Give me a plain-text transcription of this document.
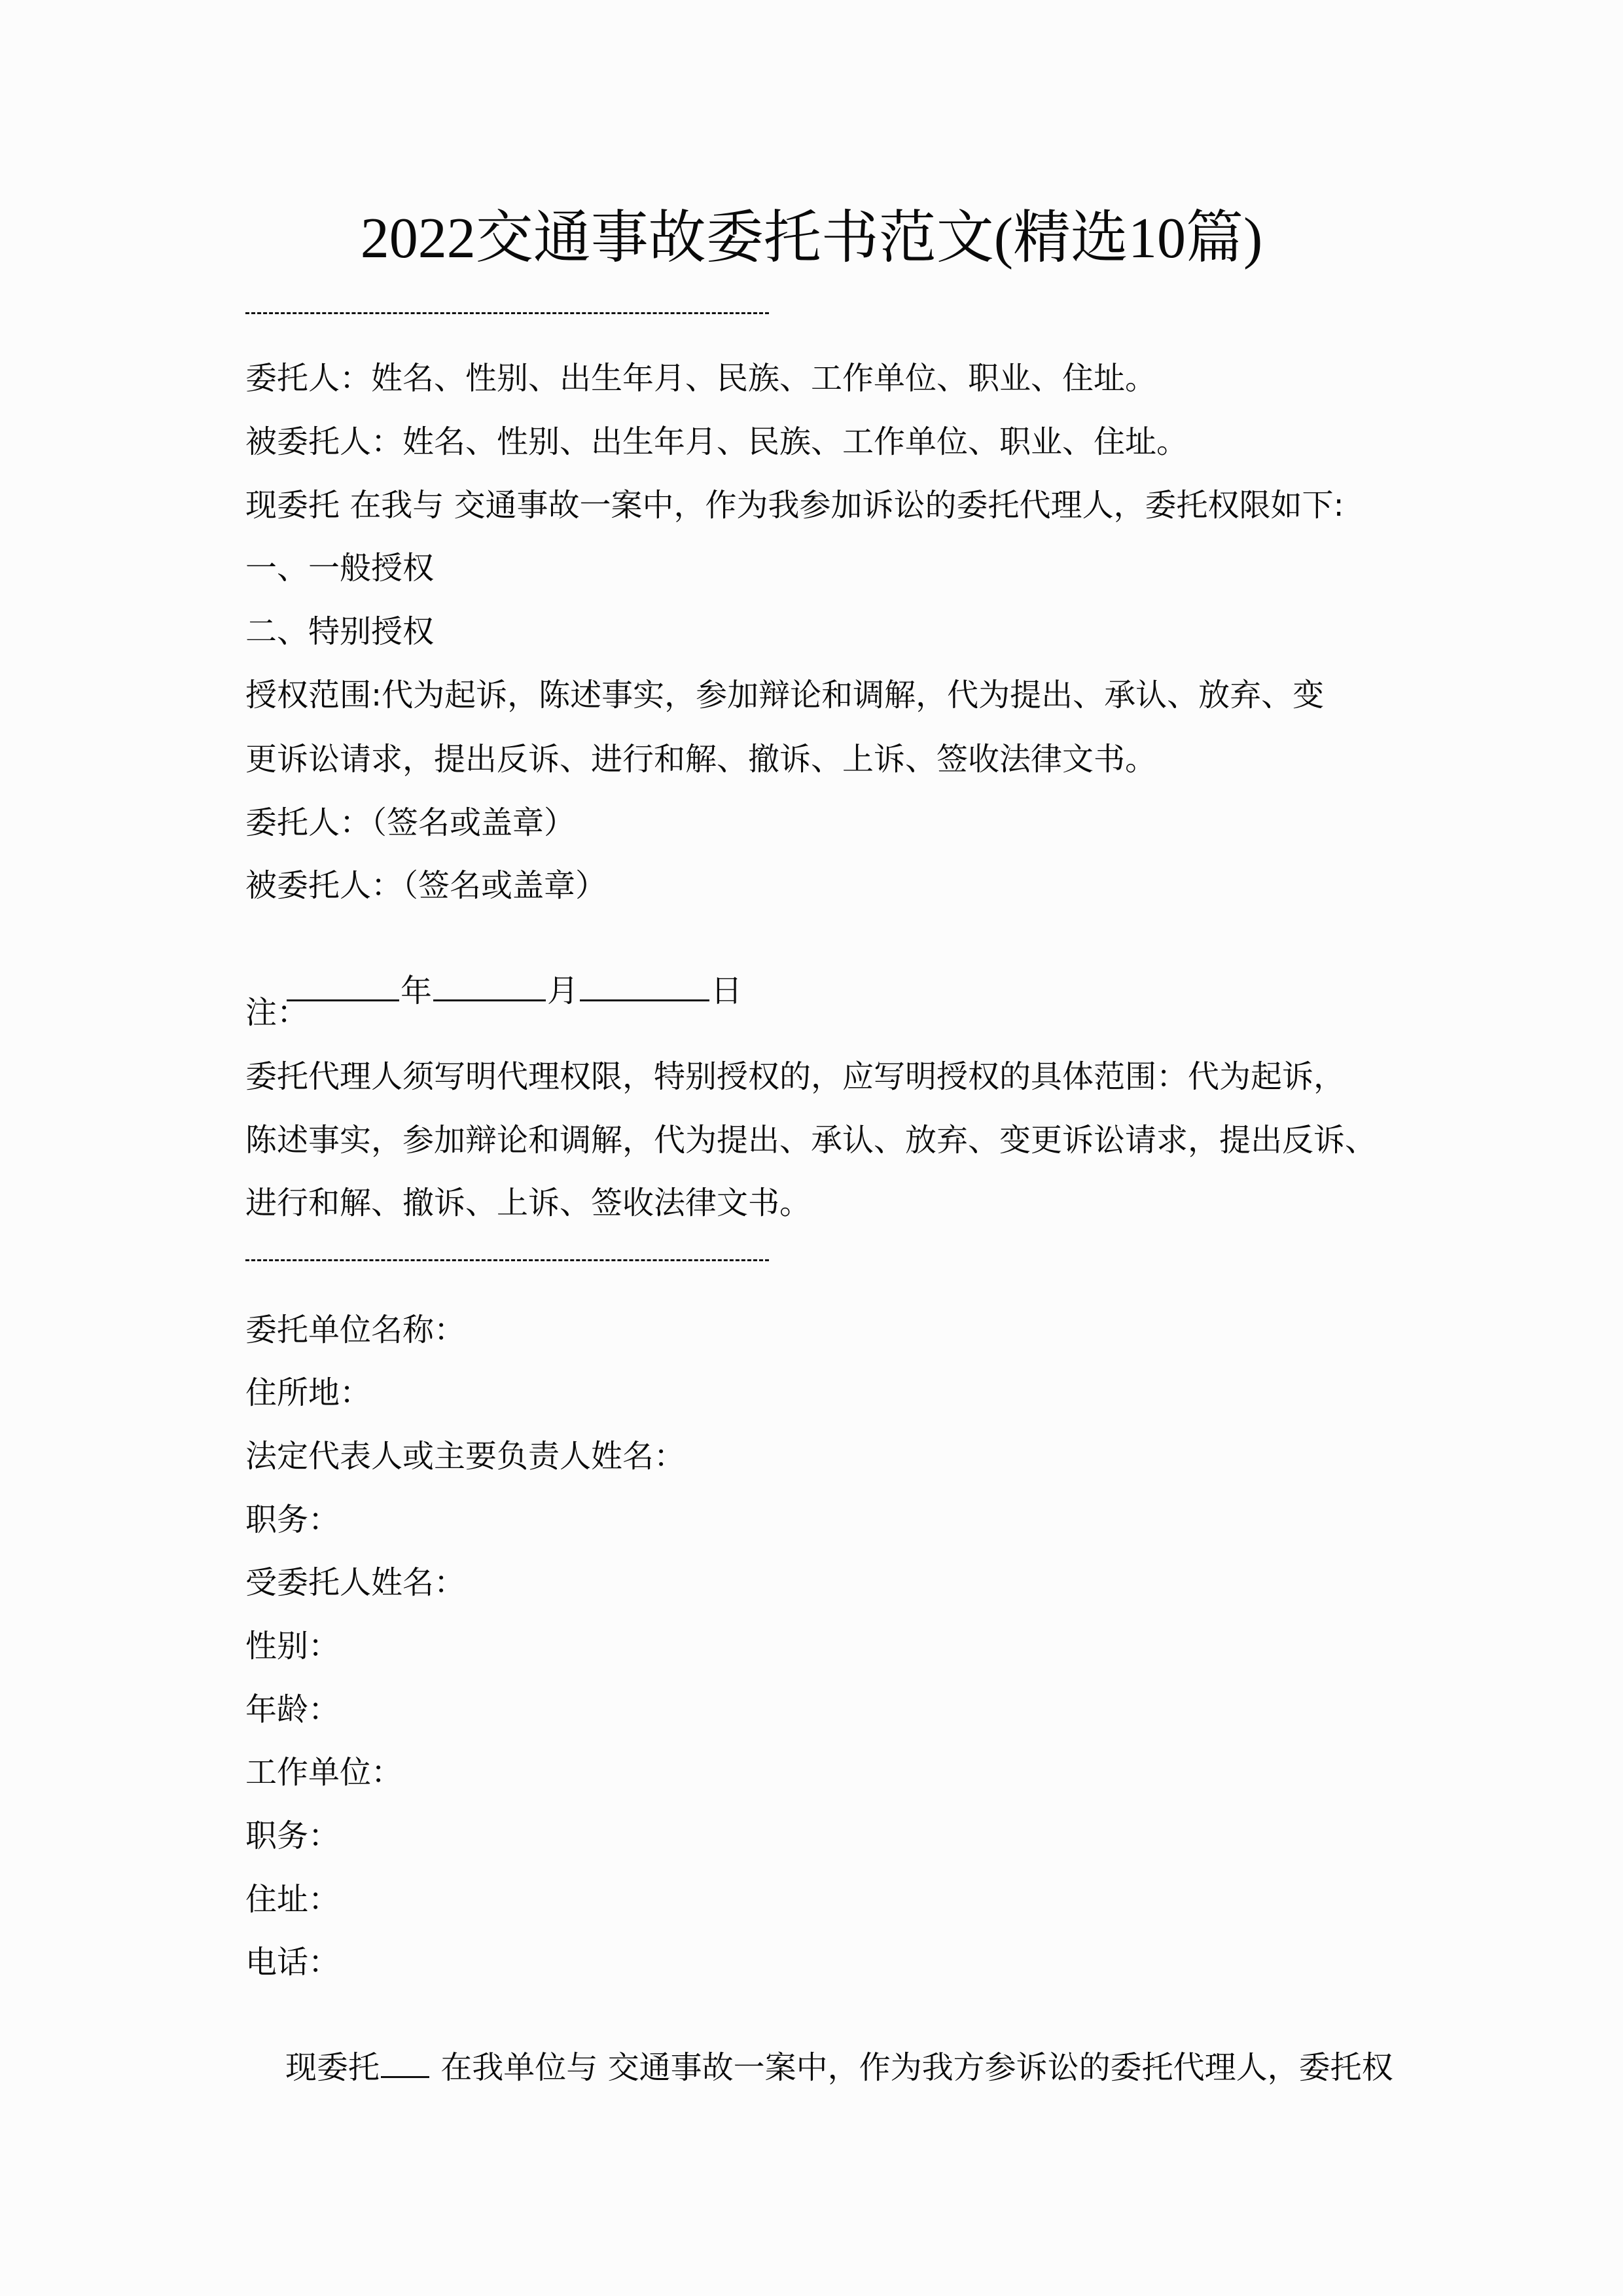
2022交通事故委托书范文(精选10篇)
委托人：姓名、性别、出生年月、民族、工作单位、职业、住址。
被委托人：姓名、性别、出生年月、民族、工作单位、职业、住址。
现委托 在我与 交通事故一案中，作为我参加诉讼的委托代理人，委托权限如下:
一、一般授权
二、特别授权
授权范围:代为起诉，陈述事实，参加辩论和调解，代为提出、承认、放弃、变
更诉讼请求，提出反诉、进行和解、撤诉、上诉、签收法律文书。
委托人：（签名或盖章）
被委托人：（签名或盖章）

年	月	日

注：
委托代理人须写明代理权限，特别授权的，应写明授权的具体范围：代为起诉，
陈述事实，参加辩论和调解，代为提出、承认、放弃、变更诉讼请求，提出反诉、
进行和解、撤诉、上诉、签收法律文书。
委托单位名称：
住所地：
法定代表人或主要负责人姓名：
职务：
受委托人姓名：
性别：
年龄：
工作单位：
职务：
住址：
电话：

现委托 在我单位与 交通事故一案中，作为我方参诉讼的委托代理人，委托权
